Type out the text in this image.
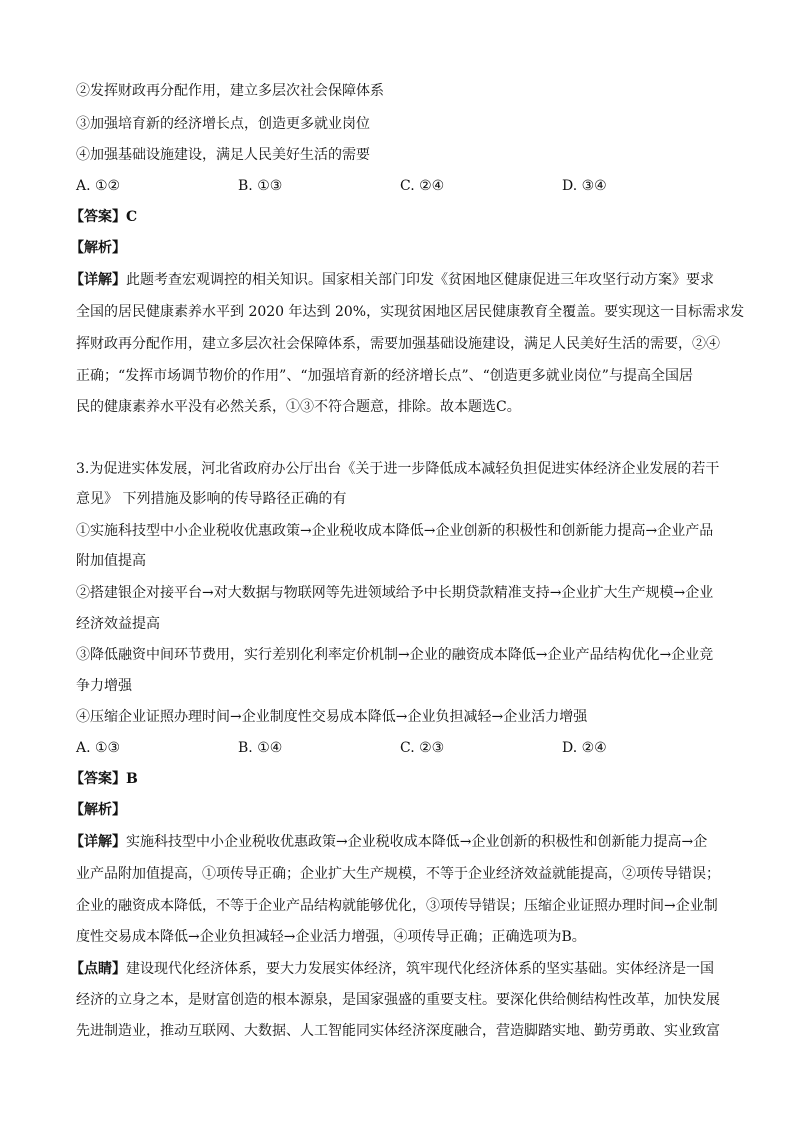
②发挥财政再分配作用，建立多层次社会保障体系
③加强培育新的经济增长点，创造更多就业岗位
④加强基础设施建设，满足人民美好生活的需要
A. ①②	B. ①③	C. ②④	D. ③④
【答案】C
【解析】
【详解】此题考查宏观调控的相关知识。国家相关部门印发《贫困地区健康促进三年攻坚行动方案》要求
全国的居民健康素养水平到 2020 年达到 20%，实现贫困地区居民健康教育全覆盖。要实现这一目标需求发
挥财政再分配作用，建立多层次社会保障体系，需要加强基础设施建设，满足人民美好生活的需要，②④
正确；“发挥市场调节物价的作用”、“加强培育新的经济增长点”、“创造更多就业岗位”与提高全国居
民的健康素养水平没有必然关系，①③不符合题意，排除。故本题选C。
3.为促进实体发展，河北省政府办公厅出台《关于进一步降低成本减轻负担促进实体经济企业发展的若干
意见》 下列措施及影响的传导路径正确的有
①实施科技型中小企业税收优惠政策→企业税收成本降低→企业创新的积极性和创新能力提高→企业产品
附加值提高
②搭建银企对接平台→对大数据与物联网等先进领域给予中长期贷款精准支持→企业扩大生产规模→企业
经济效益提高
③降低融资中间环节费用，实行差别化利率定价机制→企业的融资成本降低→企业产品结构优化→企业竞
争力增强
④压缩企业证照办理时间→企业制度性交易成本降低→企业负担减轻→企业活力增强
A. ①③	B. ①④	C. ②③	D. ②④
【答案】B
【解析】
【详解】实施科技型中小企业税收优惠政策→企业税收成本降低→企业创新的积极性和创新能力提高→企
业产品附加值提高，①项传导正确；企业扩大生产规模，不等于企业经济效益就能提高，②项传导错误；
企业的融资成本降低，不等于企业产品结构就能够优化，③项传导错误；压缩企业证照办理时间→企业制
度性交易成本降低→企业负担减轻→企业活力增强，④项传导正确；正确选项为B。
【点睛】建设现代化经济体系，要大力发展实体经济，筑牢现代化经济体系的坚实基础。实体经济是一国
经济的立身之本，是财富创造的根本源泉，是国家强盛的重要支柱。要深化供给侧结构性改革，加快发展
先进制造业，推动互联网、大数据、人工智能同实体经济深度融合，营造脚踏实地、勤劳勇敢、实业致富
